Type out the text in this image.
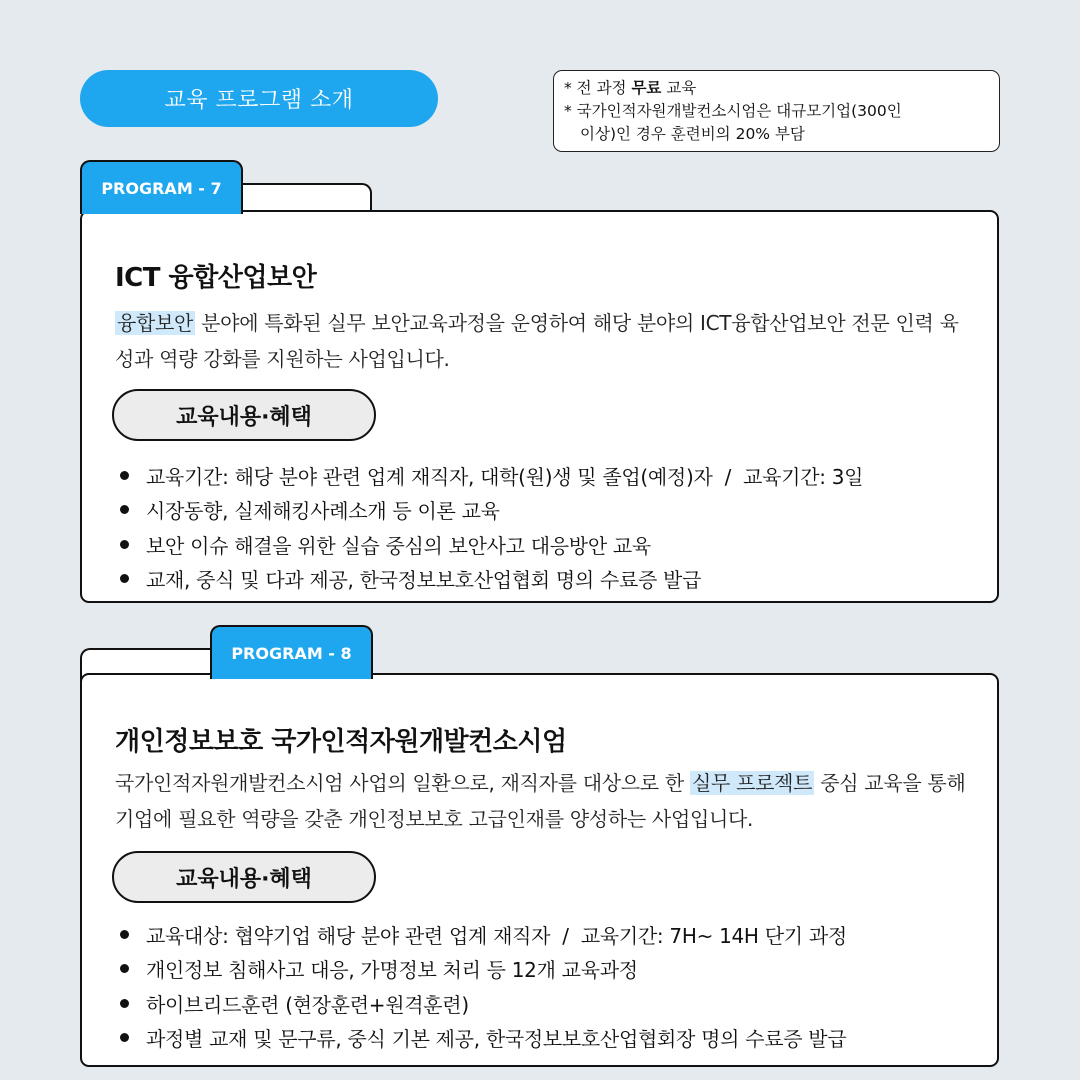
교육 프로그램 소개	* 전 과정 무료 교육
* 국가인적자원개발컨소시엄은 대규모기업(300인
이상)인 경우 훈련비의 20% 부담
PROGRAM - 7
ICT 융합산업보안
융합보안 분야에 특화된 실무 보안교육과정을 운영하여 해당 분야의 ICT융합산업보안 전문 인력 육성과 역량 강화를 지원하는 사업입니다.
교육내용·혜택
교육기간: 해당 분야 관련 업계 재직자, 대학(원)생 및 졸업(예정)자  /  교육기간: 3일
시장동향, 실제해킹사례소개 등 이론 교육
보안 이슈 해결을 위한 실습 중심의 보안사고 대응방안 교육
교재, 중식 및 다과 제공, 한국정보보호산업협회 명의 수료증 발급
PROGRAM - 8
개인정보보호 국가인적자원개발컨소시엄
국가인적자원개발컨소시엄 사업의 일환으로, 재직자를 대상으로 한 실무 프로젝트 중심 교육을 통해 기업에 필요한 역량을 갖춘 개인정보보호 고급인재를 양성하는 사업입니다.
교육내용·혜택
교육대상: 협약기업 해당 분야 관련 업계 재직자  /  교육기간: 7H~ 14H 단기 과정
개인정보 침해사고 대응, 가명정보 처리 등 12개 교육과정
하이브리드훈련 (현장훈련+원격훈련)
과정별 교재 및 문구류, 중식 기본 제공, 한국정보보호산업협회장 명의 수료증 발급
